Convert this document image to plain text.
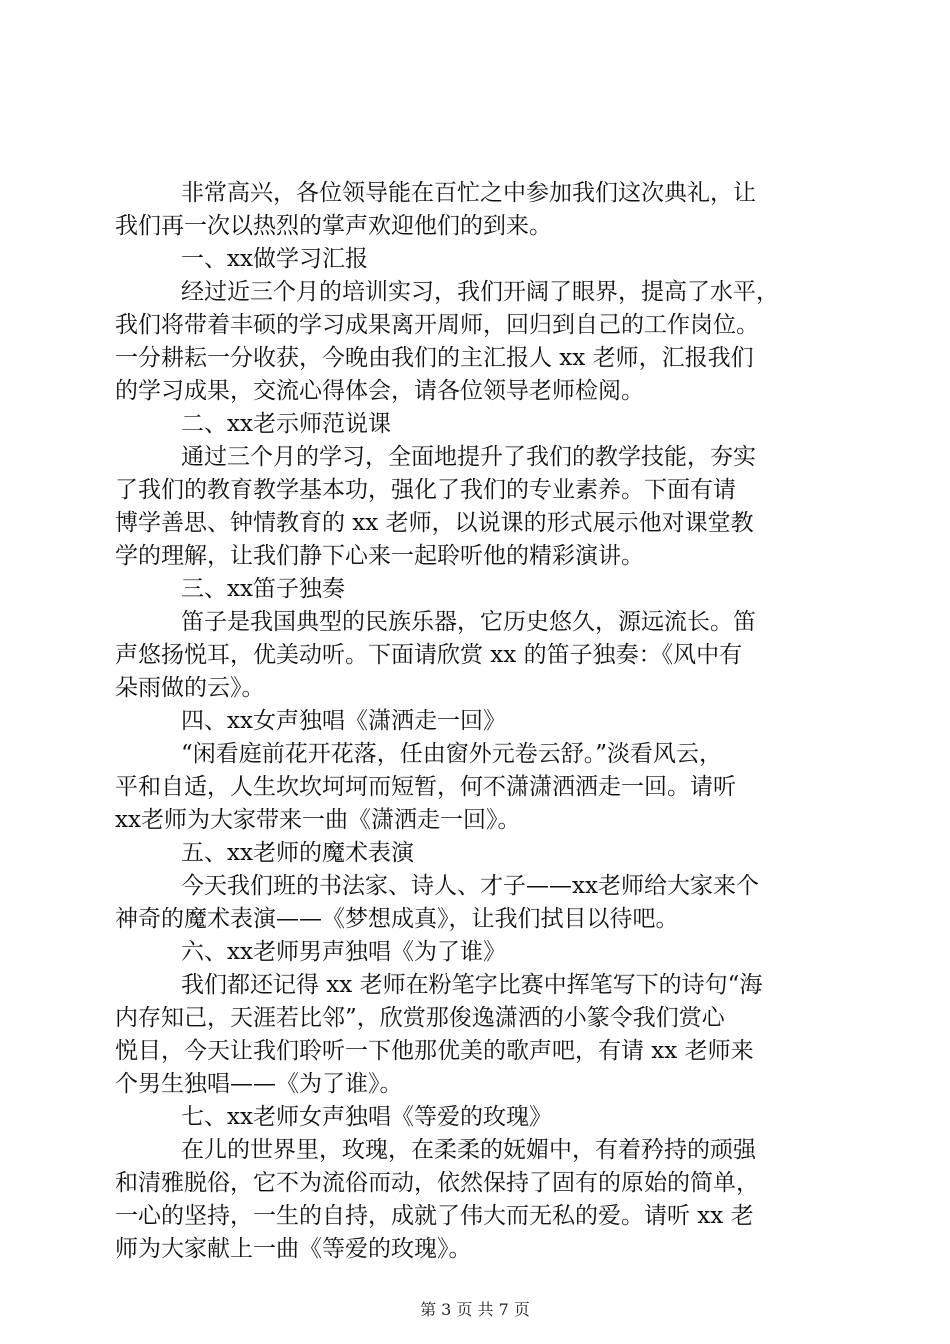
非常高兴，各位领导能在百忙之中参加我们这次典礼，让
我们再一次以热烈的掌声欢迎他们的到来。
一、xx做学习汇报
经过近三个月的培训实习，我们开阔了眼界，提高了水平，
我们将带着丰硕的学习成果离开周师，回归到自己的工作岗位。
一分耕耘一分收获，今晚由我们的主汇报人 xx 老师，汇报我们
的学习成果，交流心得体会，请各位领导老师检阅。
二、xx老示师范说课
通过三个月的学习，全面地提升了我们的教学技能，夯实
了我们的教育教学基本功，强化了我们的专业素养。下面有请
博学善思、钟情教育的 xx 老师，以说课的形式展示他对课堂教
学的理解，让我们静下心来一起聆听他的精彩演讲。
三、xx笛子独奏
笛子是我国典型的民族乐器，它历史悠久，源远流长。笛
声悠扬悦耳，优美动听。下面请欣赏 xx 的笛子独奏：《风中有
朵雨做的云》。
四、xx女声独唱《潇洒走一回》
“闲看庭前花开花落，任由窗外元卷云舒。”淡看风云，
平和自适，人生坎坎坷坷而短暂，何不潇潇洒洒走一回。请听
xx老师为大家带来一曲《潇洒走一回》。
五、xx老师的魔术表演
今天我们班的书法家、诗人、才子——xx老师给大家来个
神奇的魔术表演——《梦想成真》，让我们拭目以待吧。
六、xx老师男声独唱《为了谁》
我们都还记得 xx 老师在粉笔字比赛中挥笔写下的诗句“海
内存知己，天涯若比邻”，欣赏那俊逸潇洒的小篆令我们赏心
悦目，今天让我们聆听一下他那优美的歌声吧，有请 xx 老师来
个男生独唱——《为了谁》。
七、xx老师女声独唱《等爱的玫瑰》
在儿的世界里，玫瑰，在柔柔的妩媚中，有着矜持的顽强
和清雅脱俗，它不为流俗而动，依然保持了固有的原始的简单，
一心的坚持，一生的自持，成就了伟大而无私的爱。请听 xx 老
师为大家献上一曲《等爱的玫瑰》。
第 3 页 共 7 页
